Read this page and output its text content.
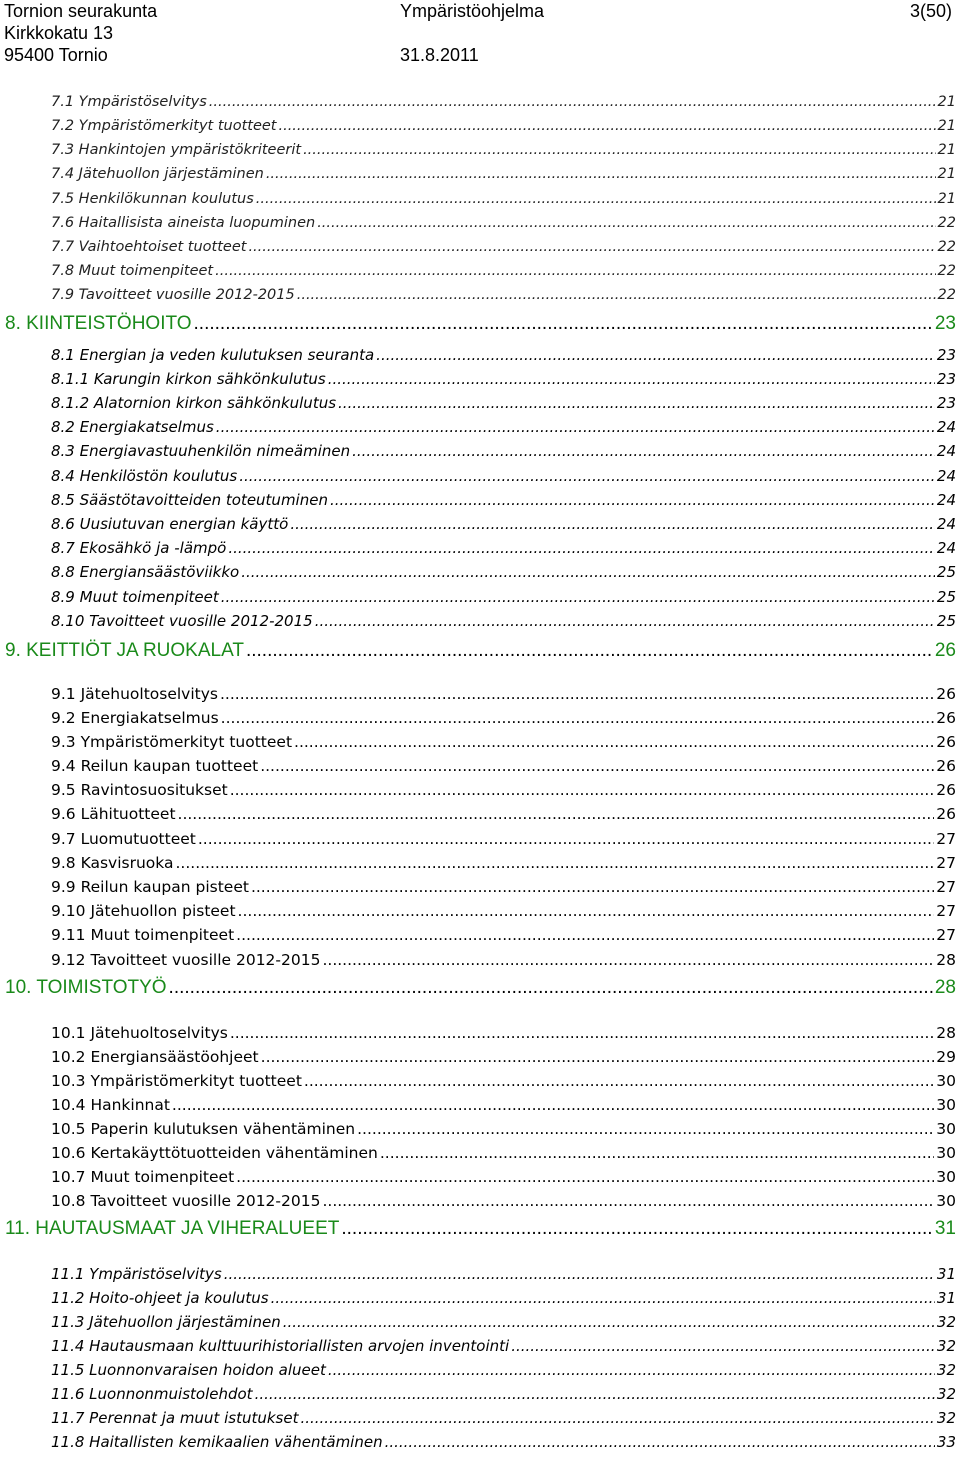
Tornion seurakunta
Kirkkokatu 13
95400 Tornio
Ympäristöohjelma

31.8.2011
3(50)
7.1 Ympäristöselvitys .....	21
7.2 Ympäristömerkityt tuotteet .....	21
7.3 Hankintojen ympäristökriteerit .....	21
7.4 Jätehuollon järjestäminen .....	21
7.5 Henkilökunnan koulutus .....	21
7.6 Haitallisista aineista luopuminen .....	22
7.7 Vaihtoehtoiset tuotteet .....	22
7.8 Muut toimenpiteet .....	22
7.9 Tavoitteet vuosille 2012-2015 .....	22
8. KIINTEISTÖHOITO .....	23
8.1 Energian ja veden kulutuksen seuranta .....	23
8.1.1 Karungin kirkon sähkönkulutus .....	23
8.1.2 Alatornion kirkon sähkönkulutus .....	23
8.2 Energiakatselmus .....	24
8.3 Energiavastuuhenkilön nimeäminen .....	24
8.4 Henkilöstön koulutus .....	24
8.5 Säästötavoitteiden toteutuminen .....	24
8.6 Uusiutuvan energian käyttö .....	24
8.7 Ekosähkö ja -lämpö .....	24
8.8 Energiansäästöviikko .....	25
8.9 Muut toimenpiteet .....	25
8.10 Tavoitteet vuosille 2012-2015 .....	25
9. KEITTIÖT JA RUOKALAT .....	26
9.1 Jätehuoltoselvitys .....	26
9.2 Energiakatselmus .....	26
9.3 Ympäristömerkityt tuotteet .....	26
9.4 Reilun kaupan tuotteet .....	26
9.5 Ravintosuositukset .....	26
9.6 Lähituotteet .....	26
9.7 Luomutuotteet .....	27
9.8 Kasvisruoka .....	27
9.9 Reilun kaupan pisteet .....	27
9.10 Jätehuollon pisteet .....	27
9.11 Muut toimenpiteet .....	27
9.12 Tavoitteet vuosille 2012-2015 .....	28
10. TOIMISTOTYÖ .....	28
10.1 Jätehuoltoselvitys .....	28
10.2 Energiansäästöohjeet .....	29
10.3 Ympäristömerkityt tuotteet .....	30
10.4 Hankinnat .....	30
10.5 Paperin kulutuksen vähentäminen .....	30
10.6 Kertakäyttötuotteiden vähentäminen .....	30
10.7 Muut toimenpiteet .....	30
10.8 Tavoitteet vuosille 2012-2015 .....	30
11. HAUTAUSMAAT JA VIHERALUEET .....	31
11.1 Ympäristöselvitys .....	31
11.2 Hoito-ohjeet ja koulutus .....	31
11.3 Jätehuollon järjestäminen .....	32
11.4 Hautausmaan kulttuurihistoriallisten arvojen inventointi .....	32
11.5 Luonnonvaraisen hoidon alueet .....	32
11.6 Luonnonmuistolehdot .....	32
11.7 Perennat ja muut istutukset .....	32
11.8 Haitallisten kemikaalien vähentäminen .....	33
